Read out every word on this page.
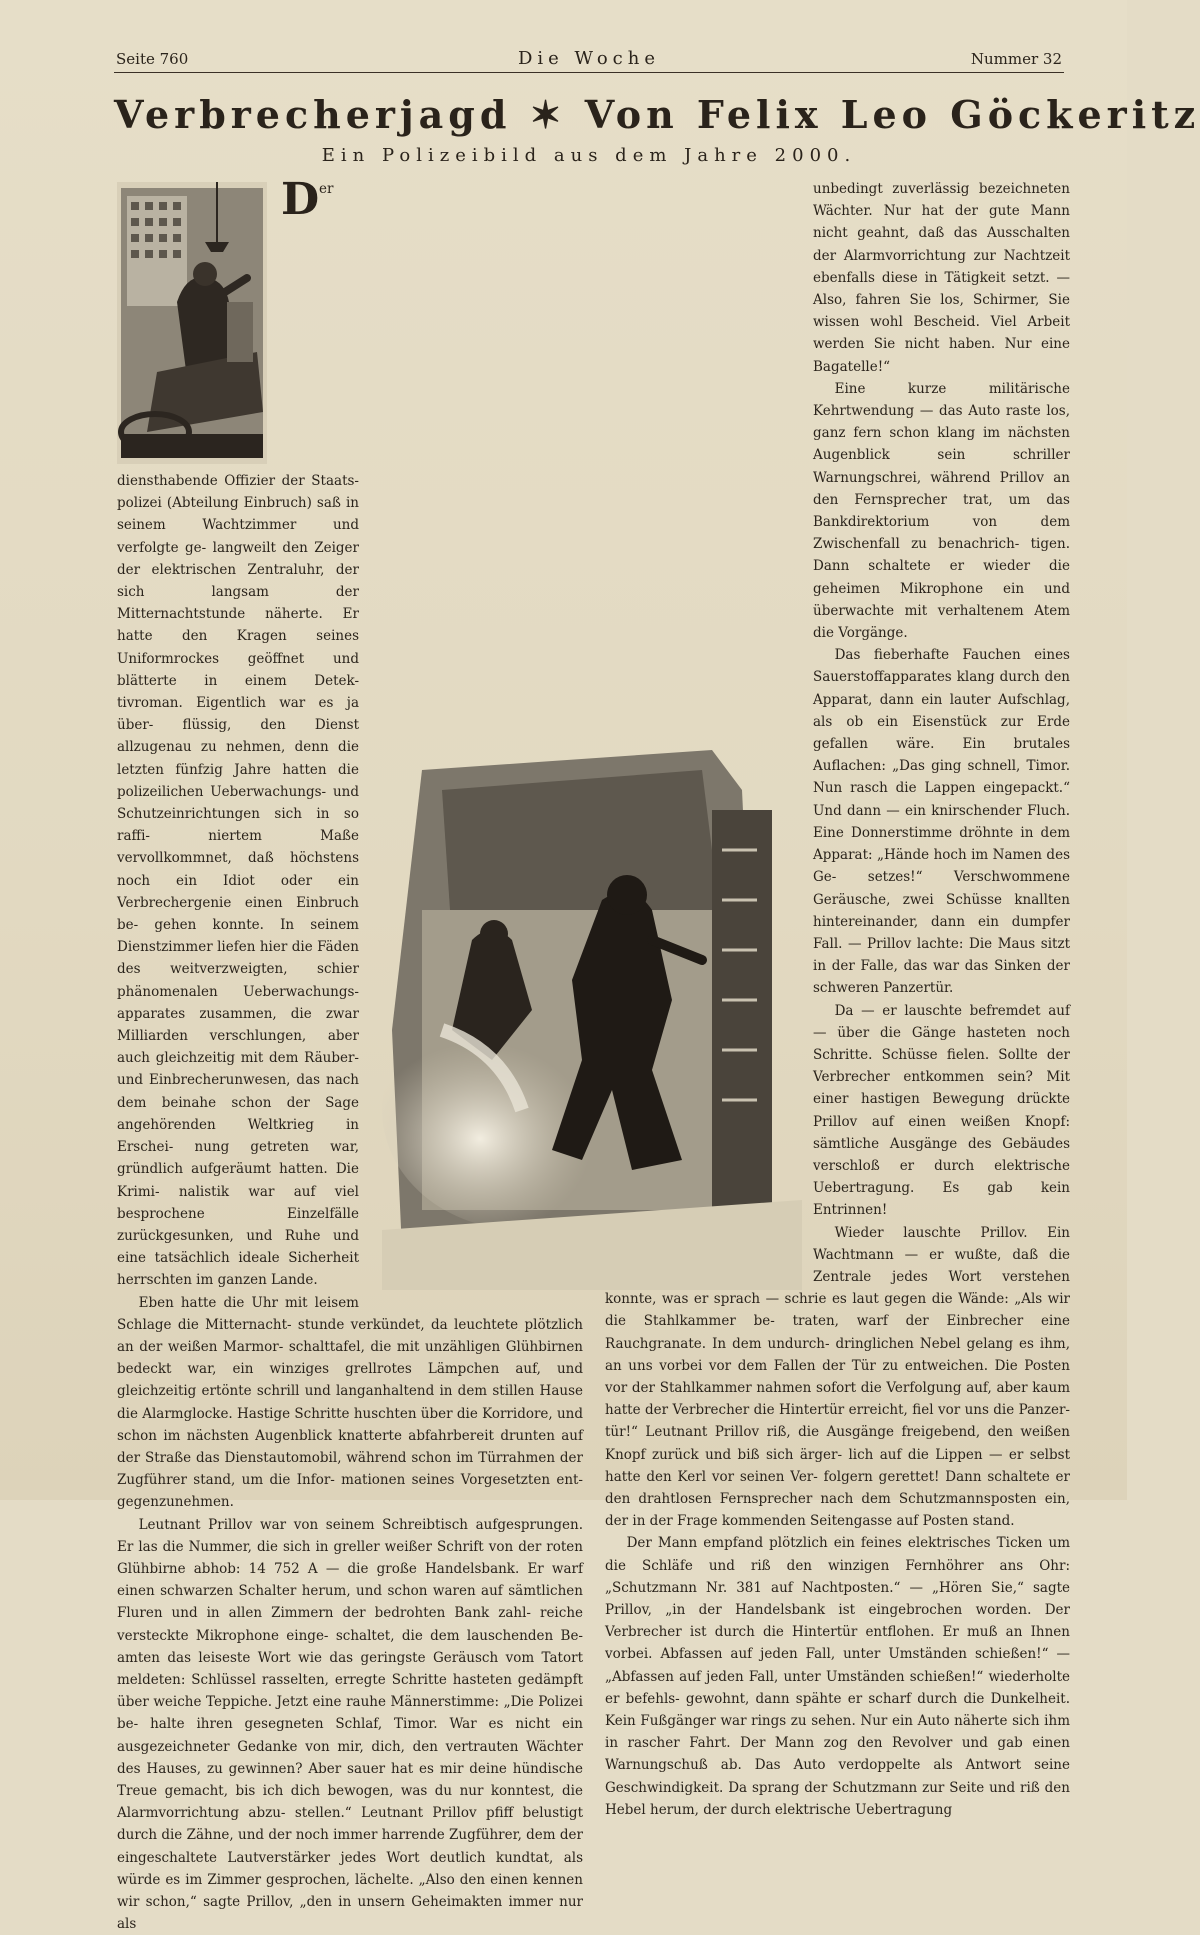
Seite 760	Die Woche	Nummer 32
Verbrecherjagd ✶ Von Felix Leo Göckeritz
Ein Polizeibild aus dem Jahre 2000.
D er diensthabende Offizier der Staats- polizei (Abteilung Einbruch) saß in seinem Wachtzimmer und verfolgte ge- langweilt den Zeiger der elektrischen Zentraluhr, der sich langsam der Mitternachtstunde näherte. Er hatte den Kragen seines Uniformrockes geöffnet und blätterte in einem Detek- tivroman. Eigentlich war es ja über- flüssig, den Dienst allzugenau zu nehmen, denn die letzten fünfzig Jahre hatten die polizeilichen Ueberwachungs- und Schutzeinrichtungen sich in so raffi- niertem Maße vervollkommnet, daß höchstens noch ein Idiot oder ein Verbrechergenie einen Einbruch be- gehen konnte. In seinem Dienstzimmer liefen hier die Fäden des weitverzweigten, schier phänomenalen Ueberwachungs- apparates zusammen, die zwar Milliarden verschlungen, aber auch gleichzeitig mit dem Räuber- und Einbrecherunwesen, das nach dem beinahe schon der Sage angehörenden Weltkrieg in Erschei- nung getreten war, gründlich aufgeräumt hatten. Die Krimi- nalistik war auf viel besprochene Einzelfälle zurückgesunken, und Ruhe und eine tatsächlich ideale Sicherheit herrschten im ganzen Lande.

Eben hatte die Uhr mit leisem Schlage die Mitternacht- stunde verkündet, da leuchtete plötzlich an der weißen Marmor- schalttafel, die mit unzähligen Glühbirnen bedeckt war, ein winziges grellrotes Lämpchen auf, und gleichzeitig ertönte schrill und langanhaltend in dem stillen Hause die Alarmglocke. Hastige Schritte huschten über die Korridore, und schon im nächsten Augenblick knatterte abfahrbereit drunten auf der Straße das Dienstautomobil, während schon im Türrahmen der Zugführer stand, um die Infor- mationen seines Vorgesetzten ent- gegenzunehmen.

Leutnant Prillov war von seinem Schreibtisch aufgesprungen. Er las die Nummer, die sich in greller weißer Schrift von der roten Glühbirne abhob: 14 752 A — die große Handelsbank. Er warf einen schwarzen Schalter herum, und schon waren auf sämtlichen Fluren und in allen Zimmern der bedrohten Bank zahl- reiche versteckte Mikrophone einge- schaltet, die dem lauschenden Be- amten das leiseste Wort wie das geringste Geräusch vom Tatort meldeten: Schlüssel rasselten, erregte Schritte hasteten gedämpft über weiche Teppiche. Jetzt eine rauhe Männerstimme: „Die Polizei be- halte ihren gesegneten Schlaf, Timor. War es nicht ein ausgezeichneter Gedanke von mir, dich, den vertrauten Wächter des Hauses, zu gewinnen? Aber sauer hat es mir deine hündische Treue gemacht, bis ich dich bewogen, was du nur konntest, die Alarmvorrichtung abzu- stellen.“ Leutnant Prillov pfiff belustigt durch die Zähne, und der noch immer harrende Zugführer, dem der eingeschaltete Lautverstärker jedes Wort deutlich kundtat, als würde es im Zimmer gesprochen, lächelte. „Also den einen kennen wir schon,“ sagte Prillov, „den in unsern Geheimakten immer nur als

unbedingt zuverlässig bezeichneten Wächter. Nur hat der gute Mann nicht geahnt, daß das Ausschalten der Alarmvorrichtung zur Nachtzeit ebenfalls diese in Tätigkeit setzt. — Also, fahren Sie los, Schirmer, Sie wissen wohl Bescheid. Viel Arbeit werden Sie nicht haben. Nur eine Bagatelle!“

Eine kurze militärische Kehrtwendung — das Auto raste los, ganz fern schon klang im nächsten Augenblick sein schriller Warnungschrei, während Prillov an den Fernsprecher trat, um das Bankdirektorium von dem Zwischenfall zu benachrich- tigen. Dann schaltete er wieder die geheimen Mikrophone ein und überwachte mit verhaltenem Atem die Vorgänge.

Das fieberhafte Fauchen eines Sauerstoffapparates klang durch den Apparat, dann ein lauter Aufschlag, als ob ein Eisenstück zur Erde gefallen wäre. Ein brutales Auflachen: „Das ging schnell, Timor. Nun rasch die Lappen eingepackt.“ Und dann — ein knirschender Fluch. Eine Donnerstimme dröhnte in dem Apparat: „Hände hoch im Namen des Ge- setzes!“ Verschwommene Geräusche, zwei Schüsse knallten hintereinander, dann ein dumpfer Fall. — Prillov lachte: Die Maus sitzt in der Falle, das war das Sinken der schweren Panzertür.

Da — er lauschte befremdet auf — über die Gänge hasteten noch Schritte. Schüsse fielen. Sollte der Verbrecher entkommen sein? Mit einer hastigen Bewegung drückte Prillov auf einen weißen Knopf: sämtliche Ausgänge des Gebäudes verschloß er durch elektrische Uebertragung. Es gab kein Entrinnen!

Wieder lauschte Prillov. Ein Wachtmann — er wußte, daß die Zentrale jedes Wort verstehen konnte, was er sprach — schrie es laut gegen die Wände: „Als wir die Stahlkammer be- traten, warf der Einbrecher eine Rauchgranate. In dem undurch- dringlichen Nebel gelang es ihm, an uns vorbei vor dem Fallen der Tür zu entweichen. Die Posten vor der Stahlkammer nahmen sofort die Verfolgung auf, aber kaum hatte der Verbrecher die Hintertür erreicht, fiel vor uns die Panzer- tür!“ Leutnant Prillov riß, die Ausgänge freigebend, den weißen Knopf zurück und biß sich ärger- lich auf die Lippen — er selbst hatte den Kerl vor seinen Ver- folgern gerettet! Dann schaltete er den drahtlosen Fernsprecher nach dem Schutzmannsposten ein, der in der Frage kommenden Seitengasse auf Posten stand.

Der Mann empfand plötzlich ein feines elektrisches Ticken um die Schläfe und riß den winzigen Fernhöhrer ans Ohr: „Schutzmann Nr. 381 auf Nachtposten.“ — „Hören Sie,“ sagte Prillov, „in der Handelsbank ist eingebrochen worden. Der Verbrecher ist durch die Hintertür entflohen. Er muß an Ihnen vorbei. Abfassen auf jeden Fall, unter Umständen schießen!“ — „Abfassen auf jeden Fall, unter Umständen schießen!“ wiederholte er befehls- gewohnt, dann spähte er scharf durch die Dunkelheit. Kein Fußgänger war rings zu sehen. Nur ein Auto näherte sich ihm in rascher Fahrt. Der Mann zog den Revolver und gab einen Warnungschuß ab. Das Auto verdoppelte als Antwort seine Geschwindigkeit. Da sprang der Schutzmann zur Seite und riß den Hebel herum, der durch elektrische Uebertragung
